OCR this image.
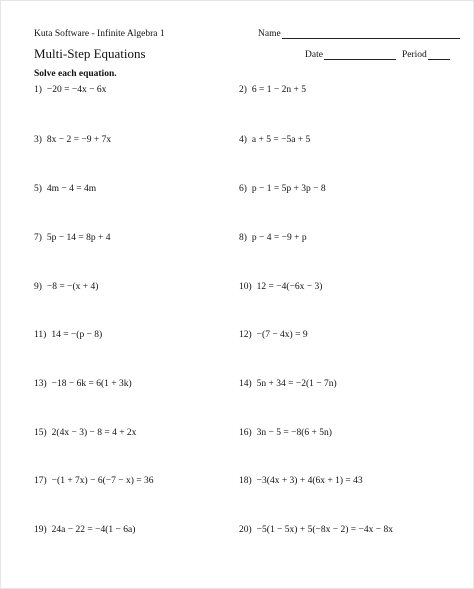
Kuta Software - Infinite Algebra 1	Name
Multi-Step Equations	Date	Period
Solve each equation.
1) −20 = −4x − 6x	2) 6 = 1 − 2n + 5
3) 8x − 2 = −9 + 7x	4) a + 5 = −5a + 5
5) 4m − 4 = 4m	6) p − 1 = 5p + 3p − 8
7) 5p − 14 = 8p + 4	8) p − 4 = −9 + p
9) −8 = −(x + 4)	10) 12 = −4(−6x − 3)
11) 14 = −(p − 8)	12) −(7 − 4x) = 9
13) −18 − 6k = 6(1 + 3k)	14) 5n + 34 = −2(1 − 7n)
15) 2(4x − 3) − 8 = 4 + 2x	16) 3n − 5 = −8(6 + 5n)
17) −(1 + 7x) − 6(−7 − x) = 36	18) −3(4x + 3) + 4(6x + 1) = 43
19) 24a − 22 = −4(1 − 6a)	20) −5(1 − 5x) + 5(−8x − 2) = −4x − 8x
